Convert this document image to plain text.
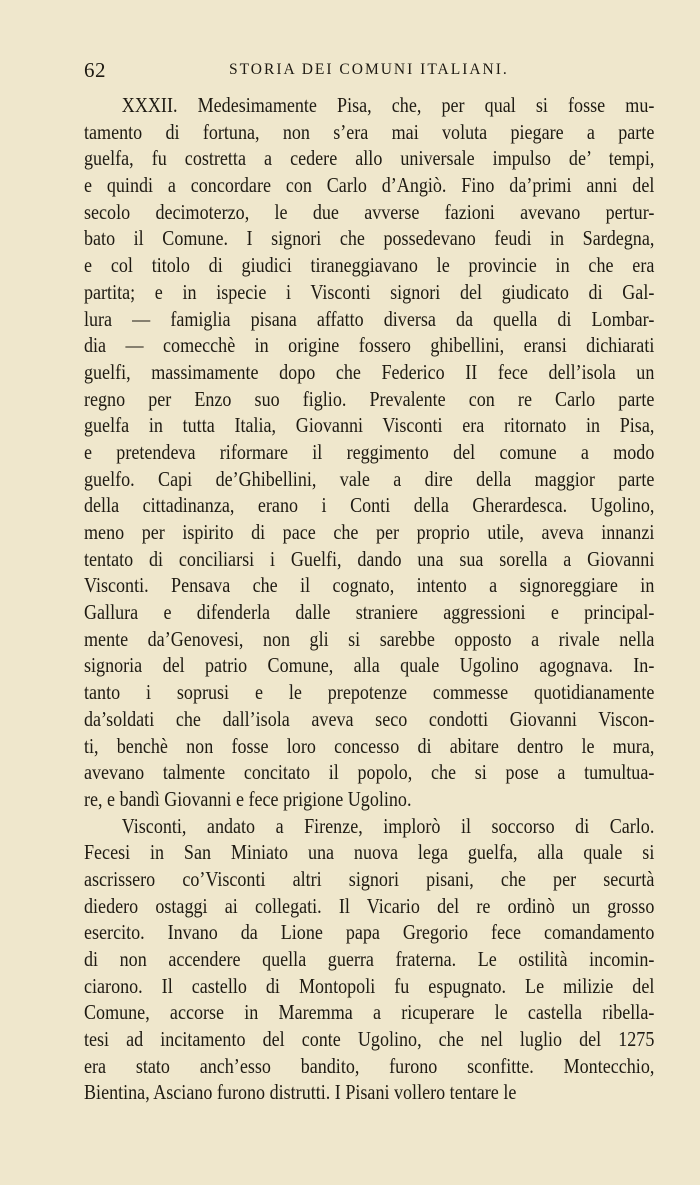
62	STORIA DEI COMUNI ITALIANI.
XXXII. Medesimamente Pisa, che, per qual si fosse mu-
tamento di fortuna, non s’era mai voluta piegare a parte
guelfa, fu costretta a cedere allo universale impulso de’ tempi,
e quindi a concordare con Carlo d’Angiò. Fino da’primi anni del
secolo decimoterzo, le due avverse fazioni avevano pertur-
bato il Comune. I signori che possedevano feudi in Sardegna,
e col titolo di giudici tiraneggiavano le provincie in che era
partita; e in ispecie i Visconti signori del giudicato di Gal-
lura — famiglia pisana affatto diversa da quella di Lombar-
dia — comecchè in origine fossero ghibellini, eransi dichiarati
guelfi, massimamente dopo che Federico II fece dell’isola un
regno per Enzo suo figlio. Prevalente con re Carlo parte
guelfa in tutta Italia, Giovanni Visconti era ritornato in Pisa,
e pretendeva riformare il reggimento del comune a modo
guelfo. Capi de’Ghibellini, vale a dire della maggior parte
della cittadinanza, erano i Conti della Gherardesca. Ugolino,
meno per ispirito di pace che per proprio utile, aveva innanzi
tentato di conciliarsi i Guelfi, dando una sua sorella a Giovanni
Visconti. Pensava che il cognato, intento a signoreggiare in
Gallura e difenderla dalle straniere aggressioni e principal-
mente da’Genovesi, non gli si sarebbe opposto a rivale nella
signoria del patrio Comune, alla quale Ugolino agognava. In-
tanto i soprusi e le prepotenze commesse quotidianamente
da’soldati che dall’isola aveva seco condotti Giovanni Viscon-
ti, benchè non fosse loro concesso di abitare dentro le mura,
avevano talmente concitato il popolo, che si pose a tumultua-
re, e bandì Giovanni e fece prigione Ugolino.
Visconti, andato a Firenze, implorò il soccorso di Carlo.
Fecesi in San Miniato una nuova lega guelfa, alla quale si
ascrissero co’Visconti altri signori pisani, che per securtà
diedero ostaggi ai collegati. Il Vicario del re ordinò un grosso
esercito. Invano da Lione papa Gregorio fece comandamento
di non accendere quella guerra fraterna. Le ostilità incomin-
ciarono. Il castello di Montopoli fu espugnato. Le milizie del
Comune, accorse in Maremma a ricuperare le castella ribella-
tesi ad incitamento del conte Ugolino, che nel luglio del 1275
era stato anch’esso bandito, furono sconfitte. Montecchio,
Bientina, Asciano furono distrutti. I Pisani vollero tentare le
